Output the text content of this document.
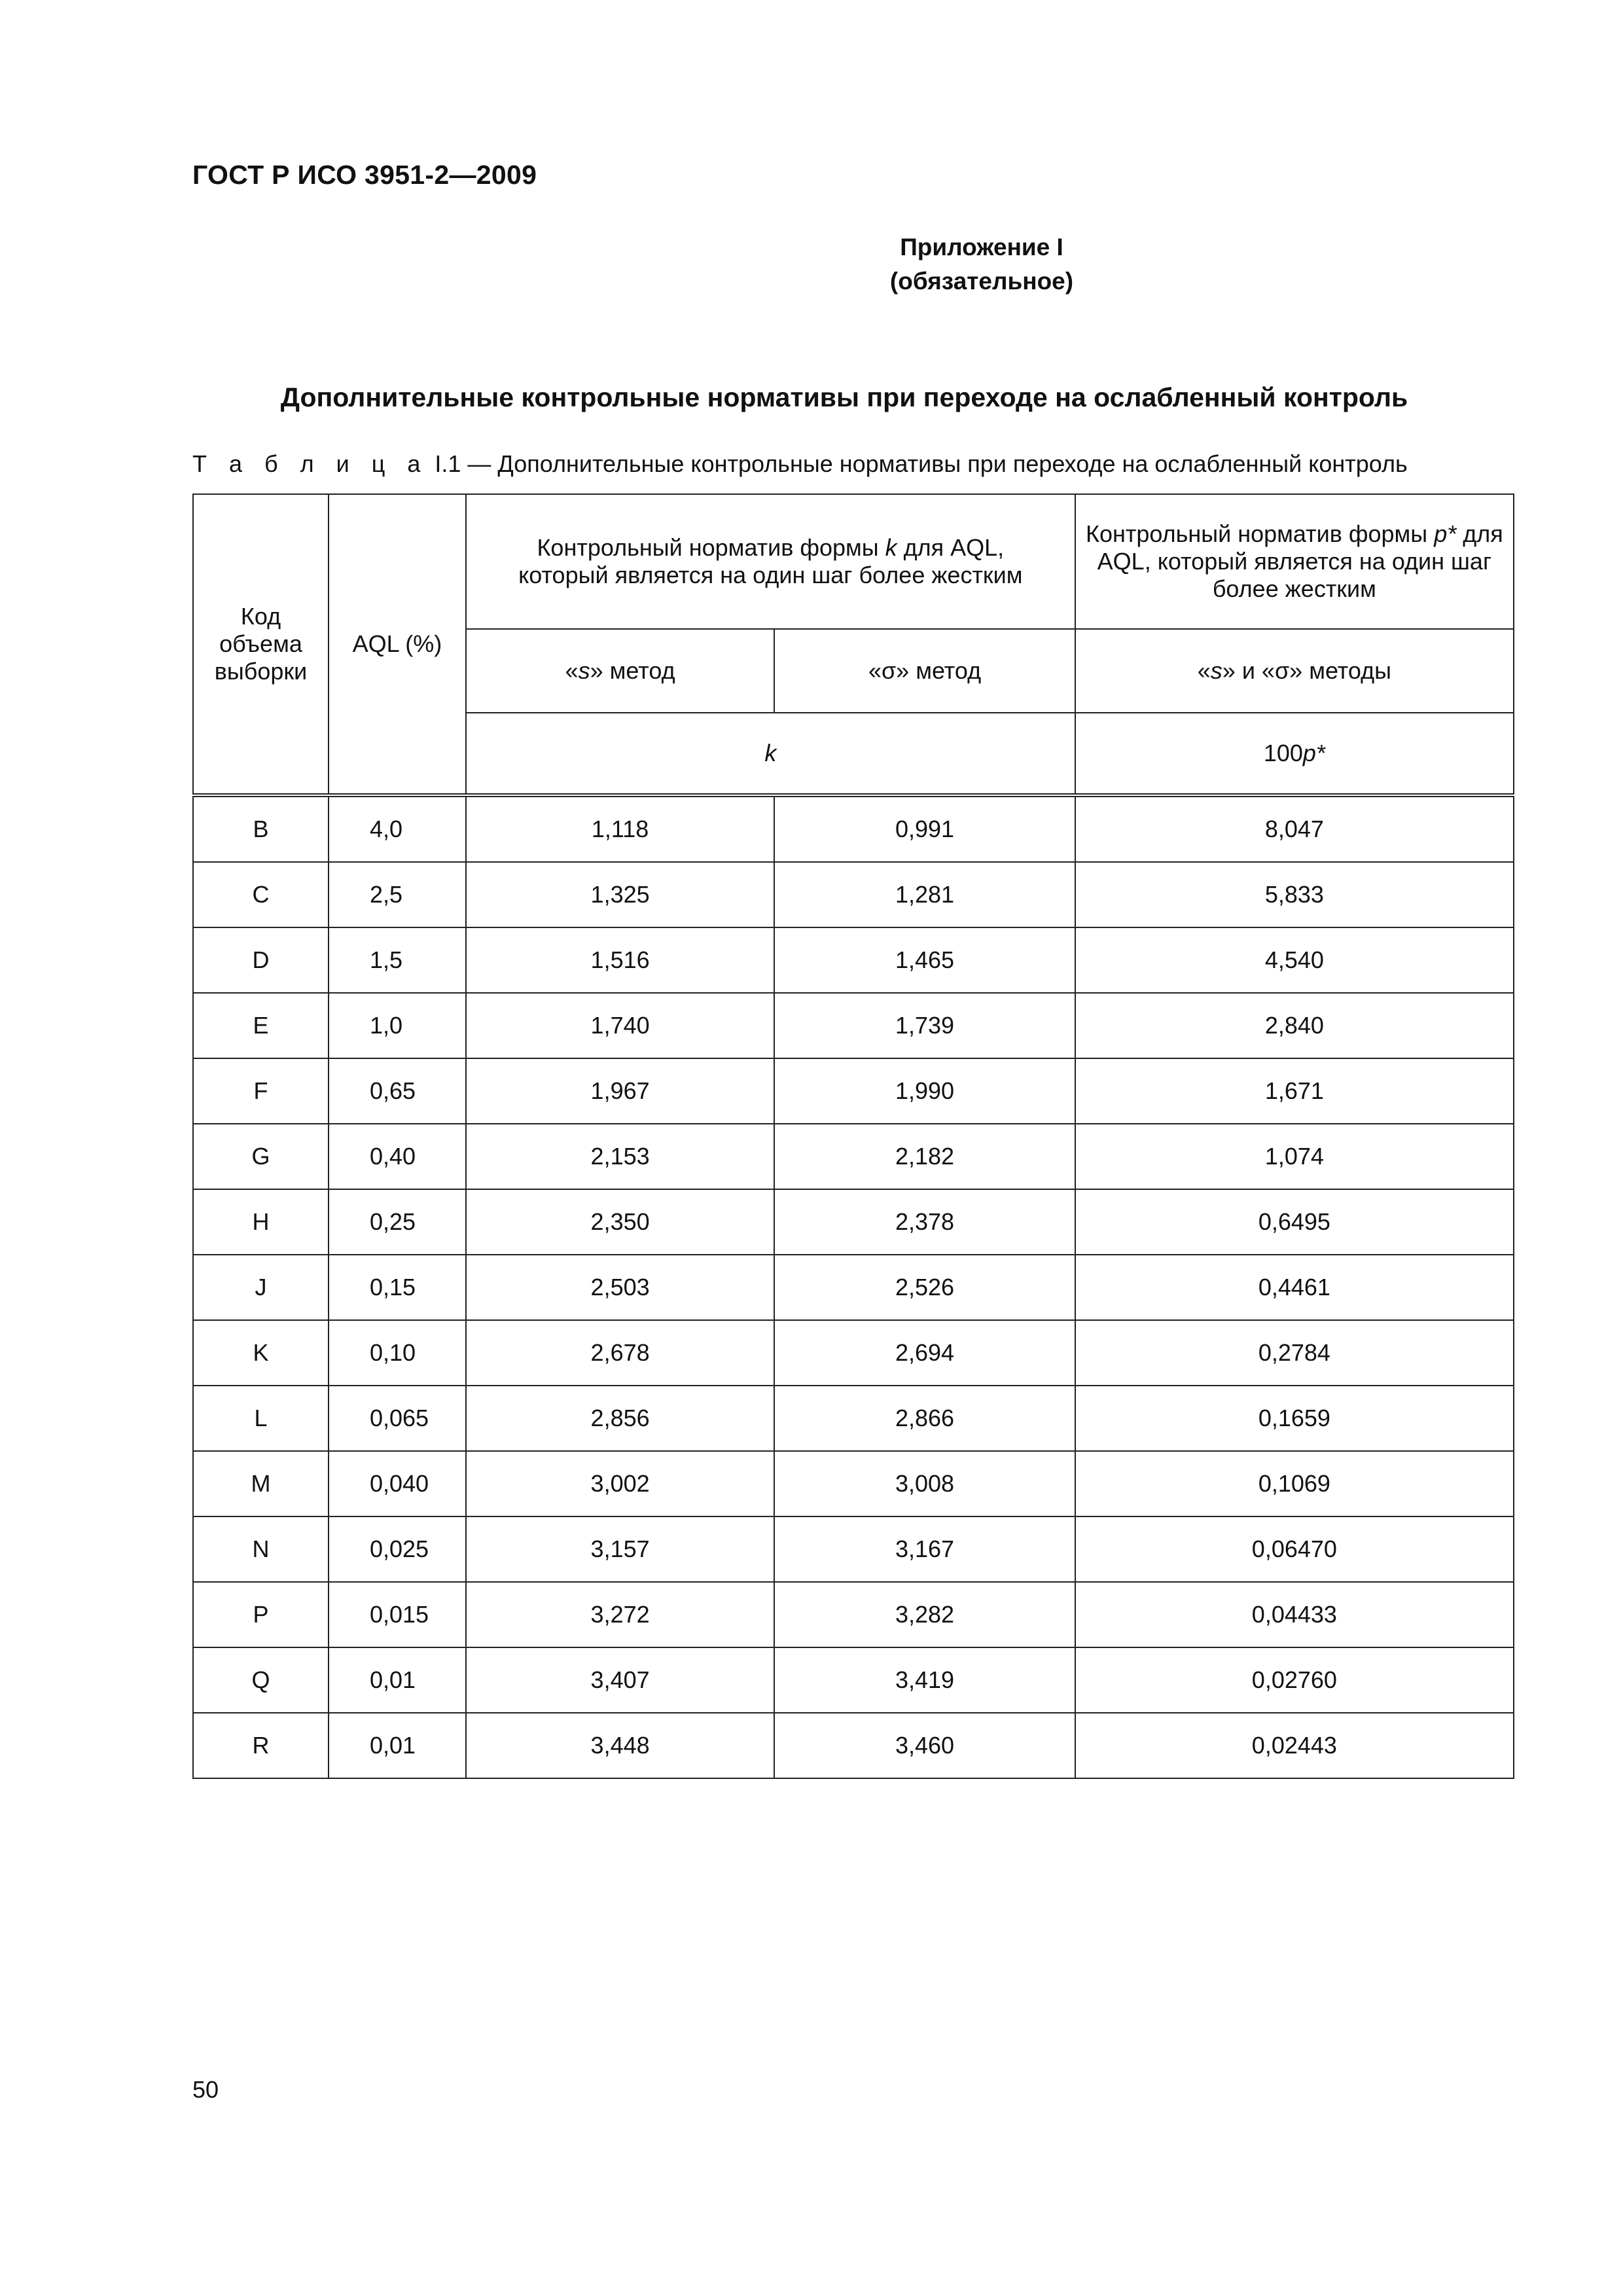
ГОСТ Р ИСО 3951-2—2009
Приложение I
(обязательное)
Дополнительные контрольные нормативы при переходе на ослабленный контроль
Т а б л и ц а I.1 — Дополнительные контрольные нормативы при переходе на ослабленный контроль
Код объема выборки	AQL (%)	Контрольный норматив формы k для AQL, который является на один шаг более жестким		Контрольный норматив формы p* для AQL, который является на один шаг более жестким
		«s» метод	«σ» метод	«s» и «σ» методы
		k		100p*
B	4,0	1,118	0,991	8,047
C	2,5	1,325	1,281	5,833
D	1,5	1,516	1,465	4,540
E	1,0	1,740	1,739	2,840
F	0,65	1,967	1,990	1,671
G	0,40	2,153	2,182	1,074
H	0,25	2,350	2,378	0,6495
J	0,15	2,503	2,526	0,4461
K	0,10	2,678	2,694	0,2784
L	0,065	2,856	2,866	0,1659
M	0,040	3,002	3,008	0,1069
N	0,025	3,157	3,167	0,06470
P	0,015	3,272	3,282	0,04433
Q	0,01	3,407	3,419	0,02760
R	0,01	3,448	3,460	0,02443
50
